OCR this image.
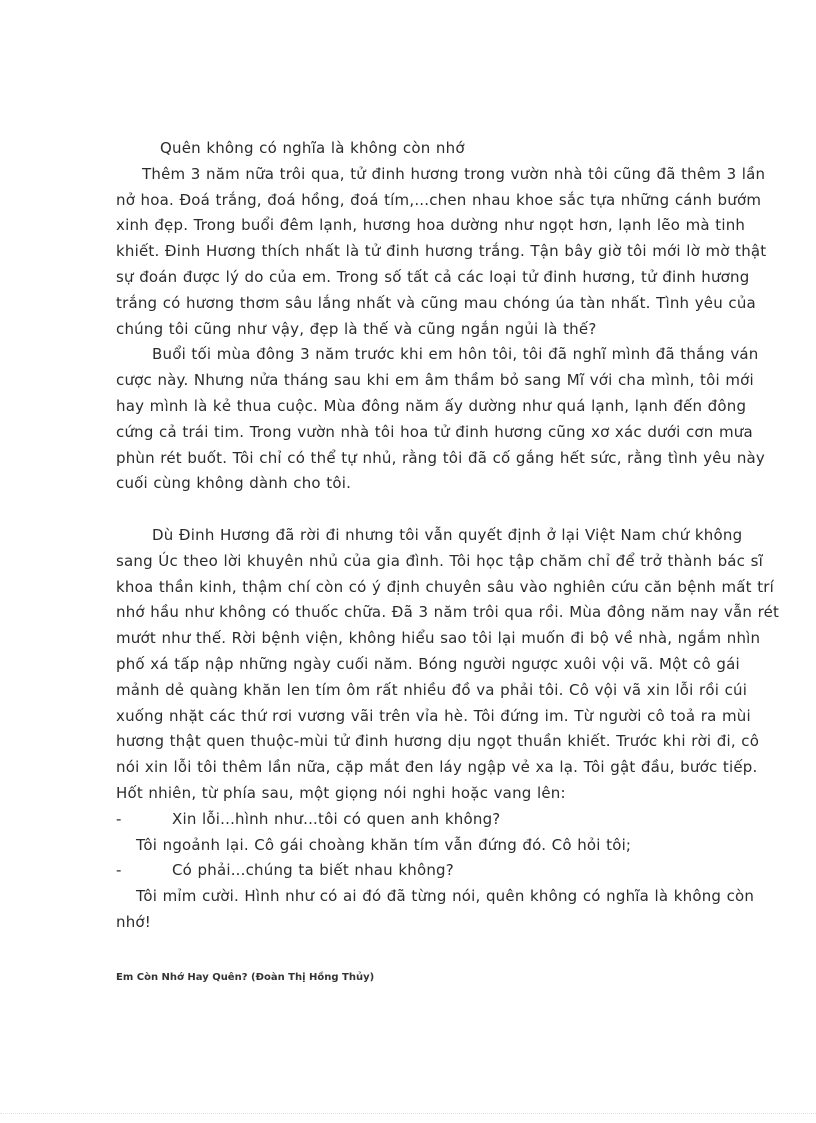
Quên không có nghĩa là không còn nhớ
Thêm 3 năm nữa trôi qua, tử đinh hương trong vườn nhà tôi cũng đã thêm 3 lần
nở hoa. Đoá trắng, đoá hồng, đoá tím,...chen nhau khoe sắc tựa những cánh bướm
xinh đẹp. Trong buổi đêm lạnh, hương hoa dường như ngọt hơn, lạnh lẽo mà tinh
khiết. Đinh Hương thích nhất là tử đinh hương trắng. Tận bây giờ tôi mới lờ mờ thật
sự đoán được lý do của em. Trong số tất cả các loại tử đinh hương, tử đinh hương
trắng có hương thơm sâu lắng nhất và cũng mau chóng úa tàn nhất. Tình yêu của
chúng tôi cũng như vậy, đẹp là thế và cũng ngắn ngủi là thế?
Buổi tối mùa đông 3 năm trước khi em hôn tôi, tôi đã nghĩ mình đã thắng ván
cược này. Nhưng nửa tháng sau khi em âm thầm bỏ sang Mĩ với cha mình, tôi mới
hay mình là kẻ thua cuộc. Mùa đông năm ấy dường như quá lạnh, lạnh đến đông
cứng cả trái tim. Trong vườn nhà tôi hoa tử đinh hương cũng xơ xác dưới cơn mưa
phùn rét buốt. Tôi chỉ có thể tự nhủ, rằng tôi đã cố gắng hết sức, rằng tình yêu này
cuối cùng không dành cho tôi.
Dù Đinh Hương đã rời đi nhưng tôi vẫn quyết định ở lại Việt Nam chứ không
sang Úc theo lời khuyên nhủ của gia đình. Tôi học tập chăm chỉ để trở thành bác sĩ
khoa thần kinh, thậm chí còn có ý định chuyên sâu vào nghiên cứu căn bệnh mất trí
nhớ hầu như không có thuốc chữa. Đã 3 năm trôi qua rồi. Mùa đông năm nay vẫn rét
mướt như thế. Rời bệnh viện, không hiểu sao tôi lại muốn đi bộ về nhà, ngắm nhìn
phố xá tấp nập những ngày cuối năm. Bóng người ngược xuôi vội vã. Một cô gái
mảnh dẻ quàng khăn len tím ôm rất nhiều đồ va phải tôi. Cô vội vã xin lỗi rồi cúi
xuống nhặt các thứ rơi vương vãi trên vỉa hè. Tôi đứng im. Từ người cô toả ra mùi
hương thật quen thuộc-mùi tử đinh hương dịu ngọt thuần khiết. Trước khi rời đi, cô
nói xin lỗi tôi thêm lần nữa, cặp mắt đen láy ngập vẻ xa lạ. Tôi gật đầu, bước tiếp.
Hốt nhiên, từ phía sau, một giọng nói nghi hoặc vang lên:
-	Xin lỗi...hình như...tôi có quen anh không?
Tôi ngoảnh lại. Cô gái choàng khăn tím vẫn đứng đó. Cô hỏi tôi;
-	Có phải...chúng ta biết nhau không?
Tôi mỉm cười. Hình như có ai đó đã từng nói, quên không có nghĩa là không còn
nhớ!
Em Còn Nhớ Hay Quên? (Đoàn Thị Hồng Thủy)
